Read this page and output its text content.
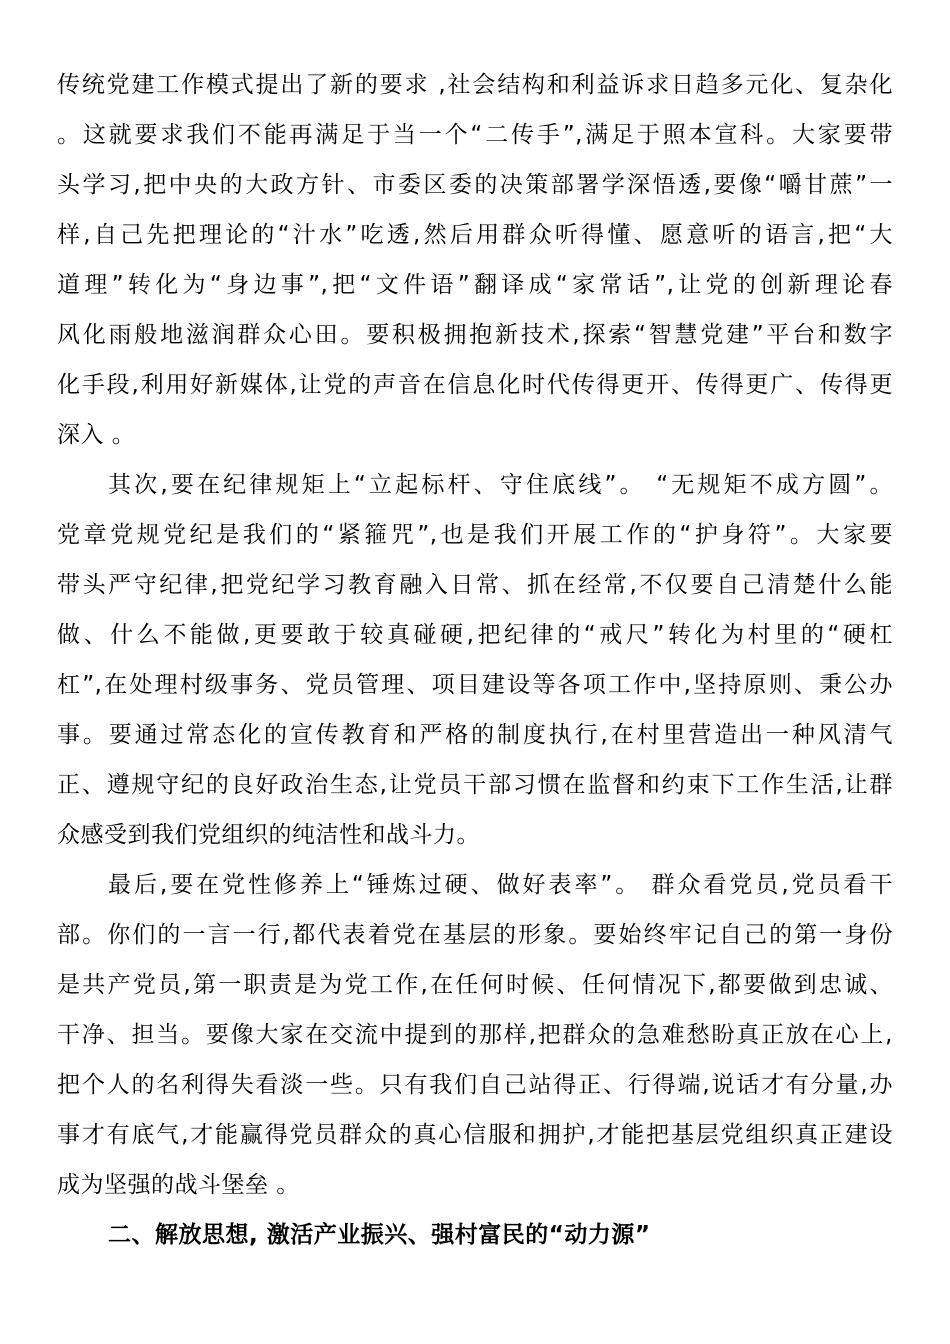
传统党建工作模式提出了新的要求 ,社会结构和利益诉求日趋多元化、复杂化
。这就要求我们不能再满足于当一个“二传手”,满足于照本宣科。大家要带
头学习,把中央的大政方针、市委区委的决策部署学深悟透,要像“嚼甘蔗”一
样,自己先把理论的“汁水”吃透,然后用群众听得懂、愿意听的语言,把“大
道理”转化为“身边事”,把“文件语”翻译成“家常话”,让党的创新理论春
风化雨般地滋润群众心田。要积极拥抱新技术,探索“智慧党建”平台和数字
化手段,利用好新媒体,让党的声音在信息化时代传得更开、传得更广、传得更
深入 。
其次,要在纪律规矩上“立起标杆、守住底线”。 “无规矩不成方圆”。
党章党规党纪是我们的“紧箍咒”,也是我们开展工作的“护身符”。大家要
带头严守纪律,把党纪学习教育融入日常、抓在经常,不仅要自己清楚什么能
做、什么不能做,更要敢于较真碰硬,把纪律的“戒尺”转化为村里的“硬杠
杠”,在处理村级事务、党员管理、项目建设等各项工作中,坚持原则、秉公办
事。要通过常态化的宣传教育和严格的制度执行,在村里营造出一种风清气
正、遵规守纪的良好政治生态,让党员干部习惯在监督和约束下工作生活,让群
众感受到我们党组织的纯洁性和战斗力。
最后,要在党性修养上“锤炼过硬、做好表率”。 群众看党员,党员看干
部。你们的一言一行,都代表着党在基层的形象。要始终牢记自己的第一身份
是共产党员,第一职责是为党工作,在任何时候、任何情况下,都要做到忠诚、
干净、担当。要像大家在交流中提到的那样,把群众的急难愁盼真正放在心上,
把个人的名利得失看淡一些。只有我们自己站得正、行得端,说话才有分量,办
事才有底气,才能赢得党员群众的真心信服和拥护,才能把基层党组织真正建设
成为坚强的战斗堡垒 。
二、解放思想, 激活产业振兴、强村富民的“动力源”
